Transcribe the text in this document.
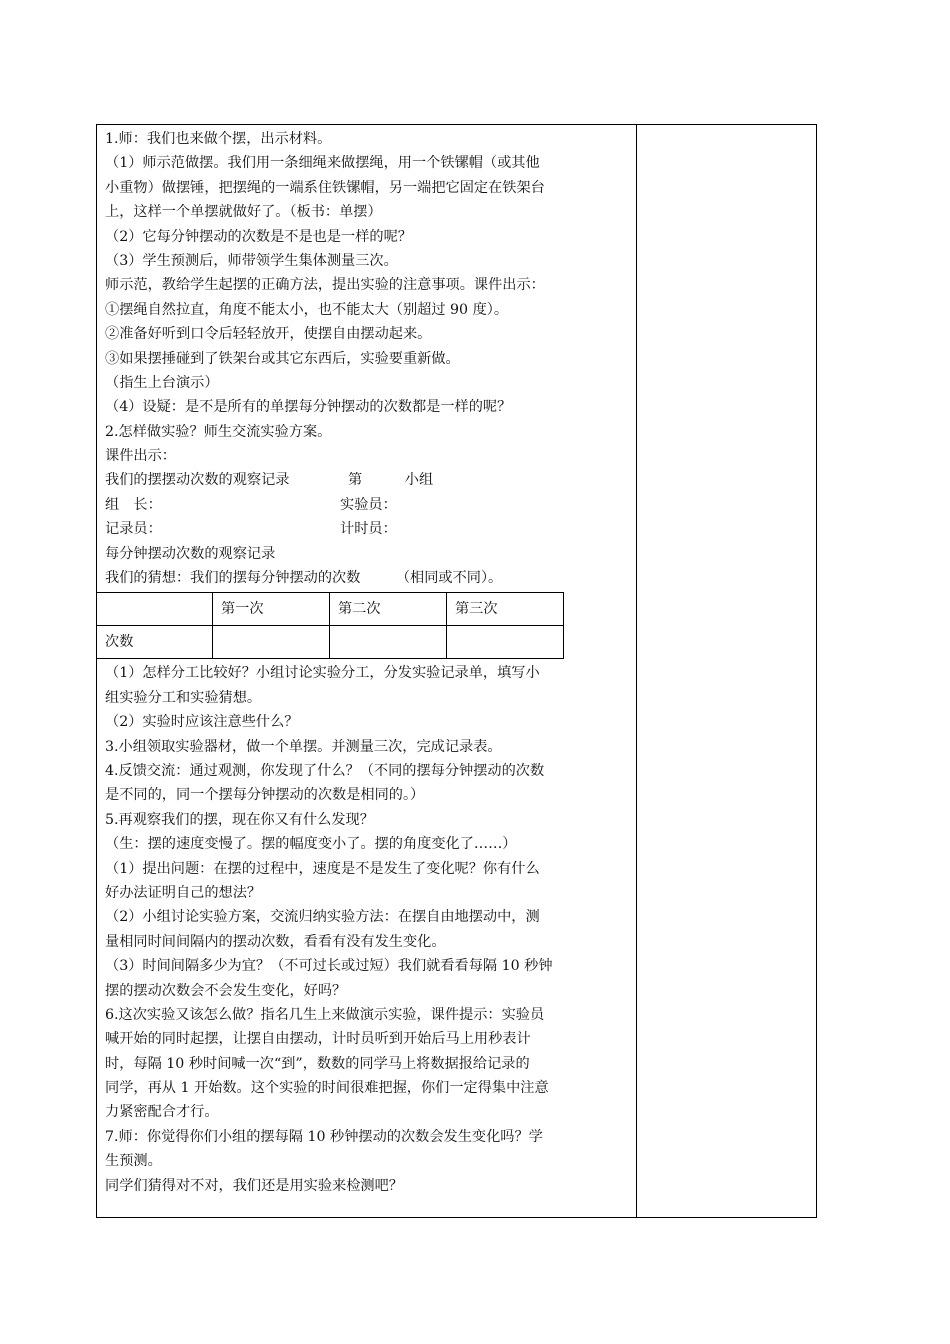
1.师：我们也来做个摆，出示材料。
（1）师示范做摆。我们用一条细绳来做摆绳，用一个铁镙帽（或其他
小重物）做摆锤，把摆绳的一端系住铁镙帽，另一端把它固定在铁架台
上，这样一个单摆就做好了。（板书：单摆）
（2）它每分钟摆动的次数是不是也是一样的呢？
（3）学生预测后，师带领学生集体测量三次。
师示范，教给学生起摆的正确方法，提出实验的注意事项。课件出示：
①摆绳自然拉直，角度不能太小，也不能太大（别超过 90 度）。
②准备好听到口令后轻轻放开，使摆自由摆动起来。
③如果摆捶碰到了铁架台或其它东西后，实验要重新做。
（指生上台演示）
（4）设疑：是不是所有的单摆每分钟摆动的次数都是一样的呢？
2.怎样做实验？师生交流实验方案。
课件出示：
我们的摆摆动次数的观察记录	第　　　小组
组　长：	实验员：
记录员：	计时员：
每分钟摆动次数的观察记录
我们的猜想：我们的摆每分钟摆动的次数　　　（相同或不同）。
	第一次	第二次	第三次
次数			
（1）怎样分工比较好？小组讨论实验分工，分发实验记录单，填写小
组实验分工和实验猜想。
（2）实验时应该注意些什么？
3.小组领取实验器材，做一个单摆。并测量三次，完成记录表。
4.反馈交流：通过观测，你发现了什么？（不同的摆每分钟摆动的次数
是不同的，同一个摆每分钟摆动的次数是相同的。）
5.再观察我们的摆，现在你又有什么发现？
（生：摆的速度变慢了。摆的幅度变小了。摆的角度变化了……）
（1）提出问题：在摆的过程中，速度是不是发生了变化呢？你有什么
好办法证明自己的想法？
（2）小组讨论实验方案，交流归纳实验方法：在摆自由地摆动中，测
量相同时间间隔内的摆动次数，看看有没有发生变化。
（3）时间间隔多少为宜？（不可过长或过短）我们就看看每隔 10 秒钟
摆的摆动次数会不会发生变化，好吗？
6.这次实验又该怎么做？指名几生上来做演示实验，课件提示：实验员
喊开始的同时起摆，让摆自由摆动，计时员听到开始后马上用秒表计
时，每隔 10 秒时间喊一次“到”，数数的同学马上将数据报给记录的
同学，再从 1 开始数。这个实验的时间很难把握，你们一定得集中注意
力紧密配合才行。
7.师：你觉得你们小组的摆每隔 10 秒钟摆动的次数会发生变化吗？学
生预测。
同学们猜得对不对，我们还是用实验来检测吧？
